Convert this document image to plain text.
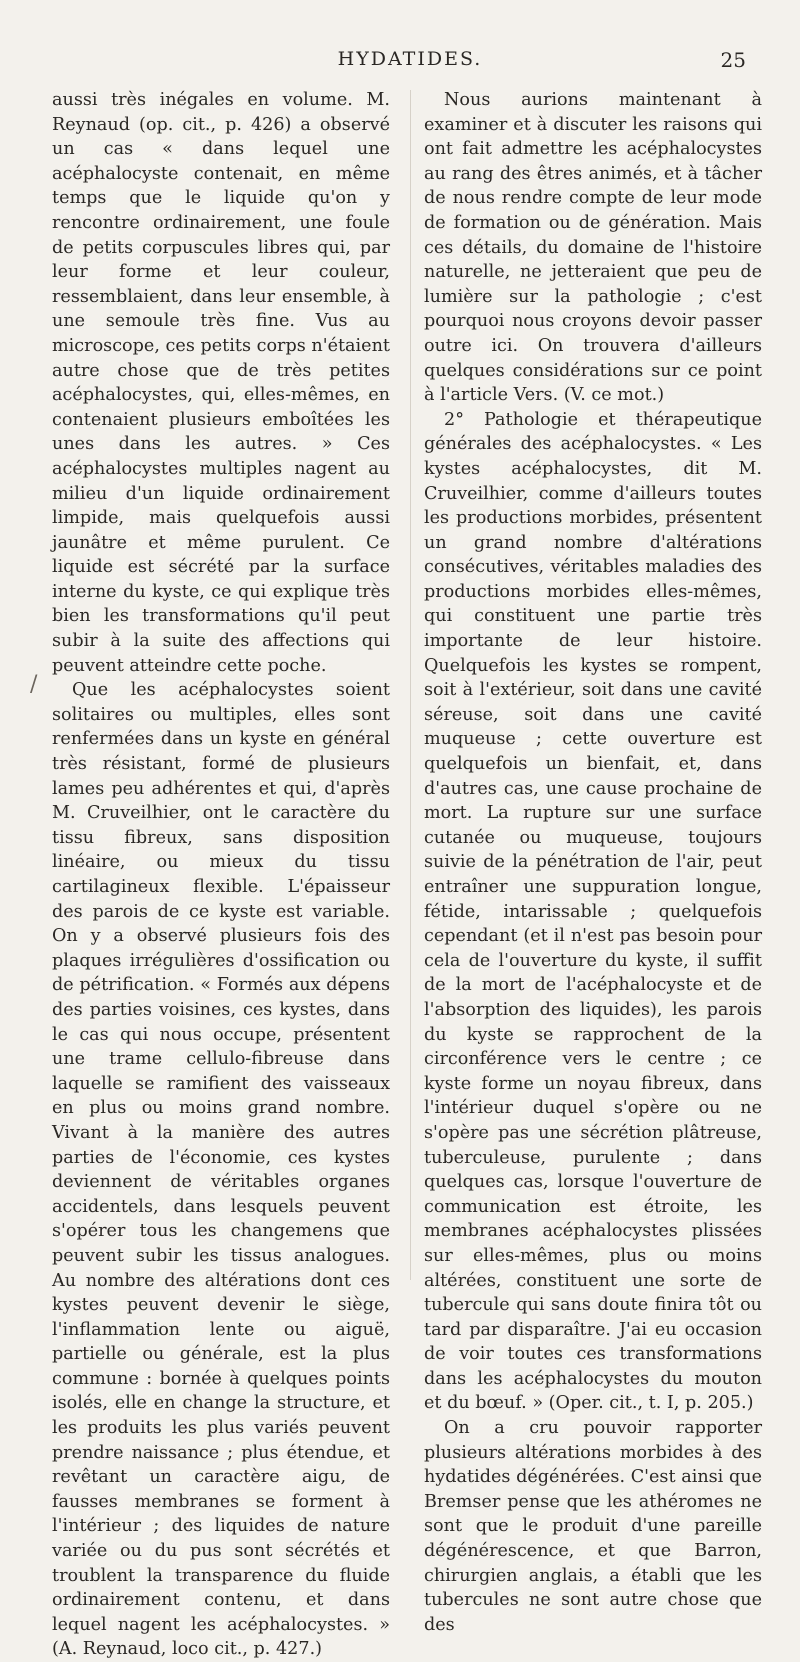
HYDATIDES.	25
/

aussi très inégales en volume. M. Reynaud (op. cit., p. 426) a observé un cas « dans lequel une acéphalocyste contenait, en même temps que le liquide qu'on y rencontre ordinairement, une foule de petits corpuscules libres qui, par leur forme et leur couleur, ressemblaient, dans leur ensemble, à une semoule très fine. Vus au microscope, ces petits corps n'étaient autre chose que de très petites acéphalocystes, qui, elles-mêmes, en contenaient plusieurs emboîtées les unes dans les autres. » Ces acéphalocystes multiples nagent au milieu d'un liquide ordinairement limpide, mais quelquefois aussi jaunâtre et même purulent. Ce liquide est sécrété par la surface interne du kyste, ce qui explique très bien les transformations qu'il peut subir à la suite des affections qui peuvent atteindre cette poche.

Que les acéphalocystes soient solitaires ou multiples, elles sont renfermées dans un kyste en général très résistant, formé de plusieurs lames peu adhérentes et qui, d'après M. Cruveilhier, ont le caractère du tissu fibreux, sans disposition linéaire, ou mieux du tissu cartilagineux flexible. L'épaisseur des parois de ce kyste est variable. On y a observé plusieurs fois des plaques irrégulières d'ossification ou de pétrification. « Formés aux dépens des parties voisines, ces kystes, dans le cas qui nous occupe, présentent une trame cellulo-fibreuse dans laquelle se ramifient des vaisseaux en plus ou moins grand nombre. Vivant à la manière des autres parties de l'économie, ces kystes deviennent de véritables organes accidentels, dans lesquels peuvent s'opérer tous les changemens que peuvent subir les tissus analogues. Au nombre des altérations dont ces kystes peuvent devenir le siège, l'inflammation lente ou aiguë, partielle ou générale, est la plus commune : bornée à quelques points isolés, elle en change la structure, et les produits les plus variés peuvent prendre naissance ; plus étendue, et revêtant un caractère aigu, de fausses membranes se forment à l'intérieur ; des liquides de nature variée ou du pus sont sécrétés et troublent la transparence du fluide ordinairement contenu, et dans lequel nagent les acéphalocystes. » (A. Reynaud, loco cit., p. 427.)

Nous aurions maintenant à examiner et à discuter les raisons qui ont fait admettre les acéphalocystes au rang des êtres animés, et à tâcher de nous rendre compte de leur mode de formation ou de génération. Mais ces détails, du domaine de l'histoire naturelle, ne jetteraient que peu de lumière sur la pathologie ; c'est pourquoi nous croyons devoir passer outre ici. On trouvera d'ailleurs quelques considérations sur ce point à l'article Vers. (V. ce mot.)

2° Pathologie et thérapeutique générales des acéphalocystes. « Les kystes acéphalocystes, dit M. Cruveilhier, comme d'ailleurs toutes les productions morbides, présentent un grand nombre d'altérations consécutives, véritables maladies des productions morbides elles-mêmes, qui constituent une partie très importante de leur histoire. Quelquefois les kystes se rompent, soit à l'extérieur, soit dans une cavité séreuse, soit dans une cavité muqueuse ; cette ouverture est quelquefois un bienfait, et, dans d'autres cas, une cause prochaine de mort. La rupture sur une surface cutanée ou muqueuse, toujours suivie de la pénétration de l'air, peut entraîner une suppuration longue, fétide, intarissable ; quelquefois cependant (et il n'est pas besoin pour cela de l'ouverture du kyste, il suffit de la mort de l'acéphalocyste et de l'absorption des liquides), les parois du kyste se rapprochent de la circonférence vers le centre ; ce kyste forme un noyau fibreux, dans l'intérieur duquel s'opère ou ne s'opère pas une sécrétion plâtreuse, tuberculeuse, purulente ; dans quelques cas, lorsque l'ouverture de communication est étroite, les membranes acéphalocystes plissées sur elles-mêmes, plus ou moins altérées, constituent une sorte de tubercule qui sans doute finira tôt ou tard par disparaître. J'ai eu occasion de voir toutes ces transformations dans les acéphalocystes du mouton et du bœuf. » (Oper. cit., t. I, p. 205.)

On a cru pouvoir rapporter plusieurs altérations morbides à des hydatides dégénérées. C'est ainsi que Bremser pense que les athéromes ne sont que le produit d'une pareille dégénérescence, et que Barron, chirurgien anglais, a établi que les tubercules ne sont autre chose que des
